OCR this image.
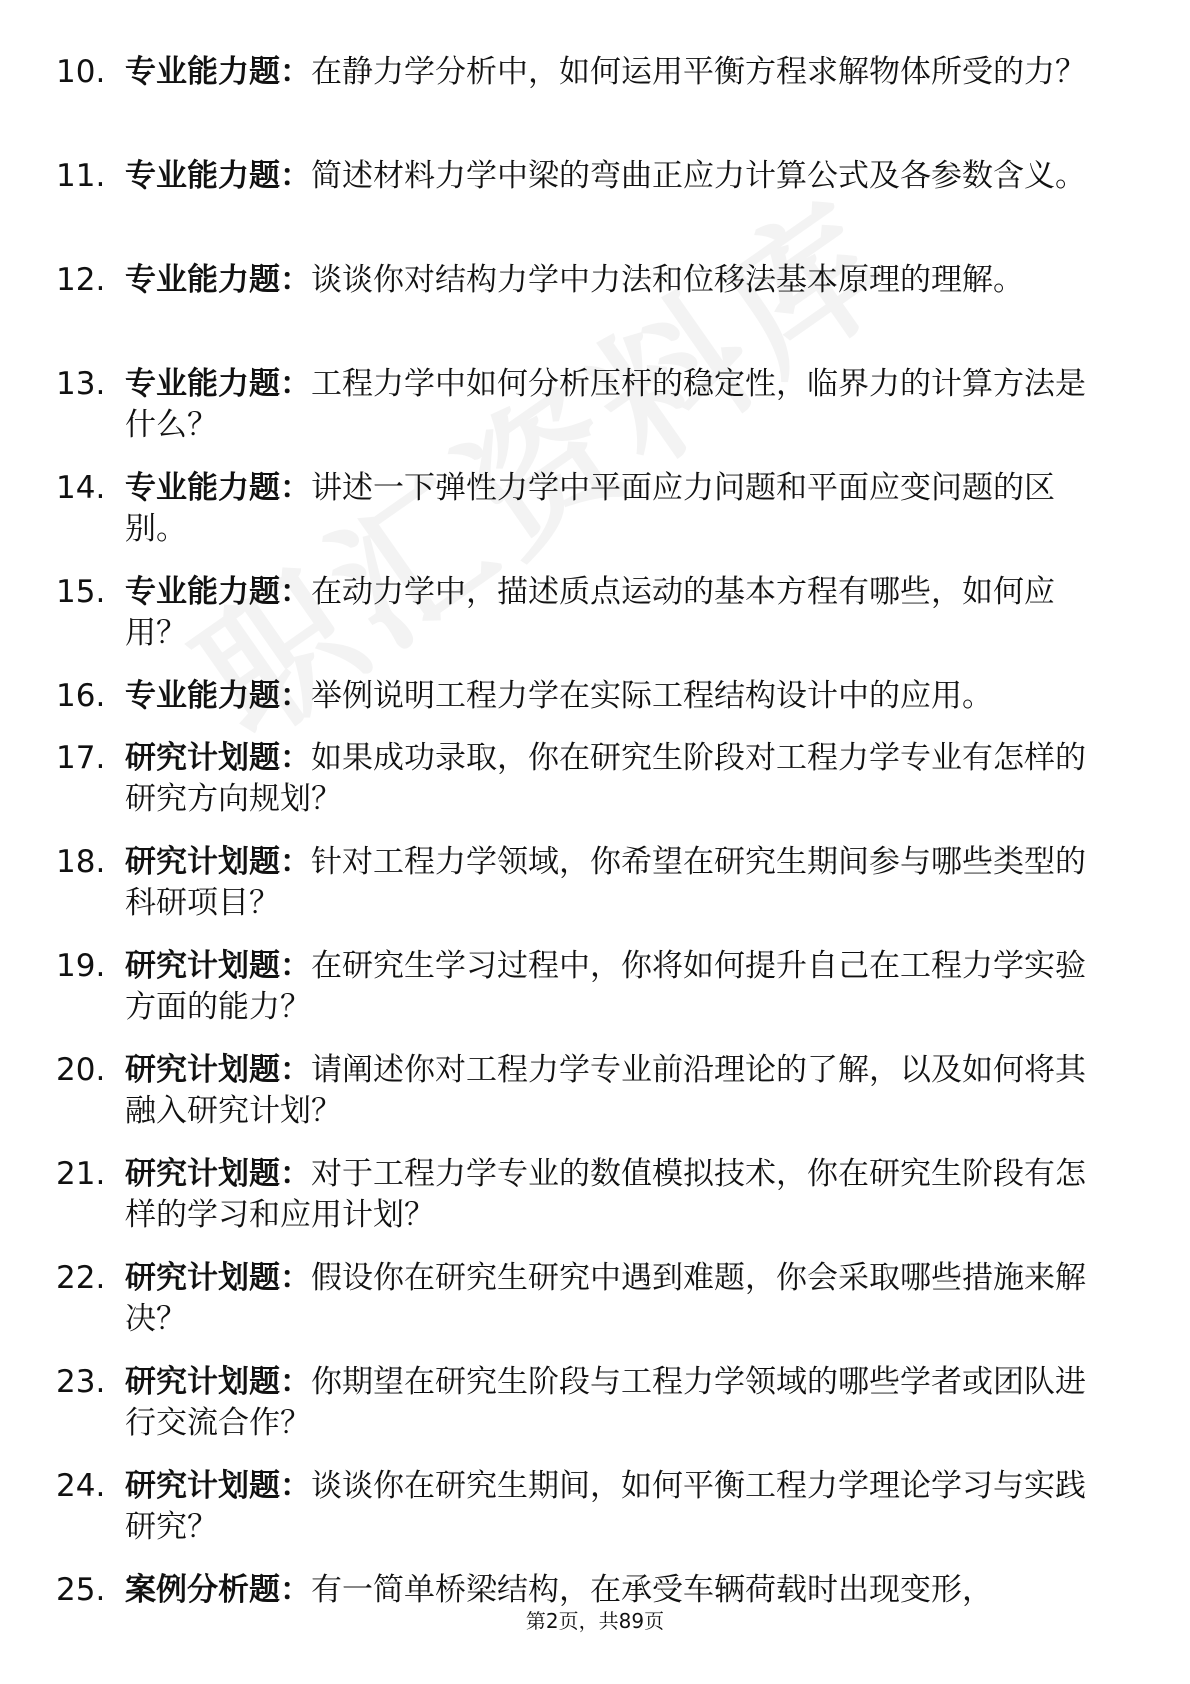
10. 专业能力题：在静力学分析中，如何运用平衡方程求解物体所受的力？
11. 专业能力题：简述材料力学中梁的弯曲正应力计算公式及各参数含义。
12. 专业能力题：谈谈你对结构力学中力法和位移法基本原理的理解。
13. 专业能力题：工程力学中如何分析压杆的稳定性，临界力的计算方法是什么？
14. 专业能力题：讲述一下弹性力学中平面应力问题和平面应变问题的区别。
15. 专业能力题：在动力学中，描述质点运动的基本方程有哪些，如何应用？
16. 专业能力题：举例说明工程力学在实际工程结构设计中的应用。
17. 研究计划题：如果成功录取，你在研究生阶段对工程力学专业有怎样的研究方向规划？
18. 研究计划题：针对工程力学领域，你希望在研究生期间参与哪些类型的科研项目？
19. 研究计划题：在研究生学习过程中，你将如何提升自己在工程力学实验方面的能力？
20. 研究计划题：请阐述你对工程力学专业前沿理论的了解，以及如何将其融入研究计划？
21. 研究计划题：对于工程力学专业的数值模拟技术，你在研究生阶段有怎样的学习和应用计划？
22. 研究计划题：假设你在研究生研究中遇到难题，你会采取哪些措施来解决？
23. 研究计划题：你期望在研究生阶段与工程力学领域的哪些学者或团队进行交流合作？
24. 研究计划题：谈谈你在研究生期间，如何平衡工程力学理论学习与实践研究？
25. 案例分析题：有一简单桥梁结构，在承受车辆荷载时出现变形，
第2页，共89页
